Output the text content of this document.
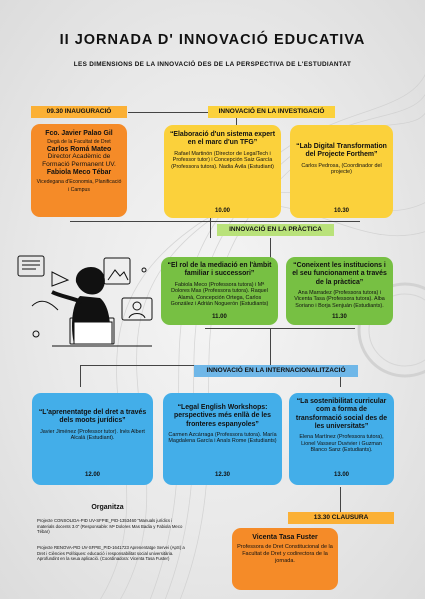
II JORNADA D' INNOVACIÓ EDUCATIVA
LES DIMENSIONS DE LA INNOVACIÓ DES DE LA PERSPECTIVA DE L'ESTUDIANTAT
09.30 INAUGURACIÓ
Fco. Javier Palao Gil
Degà de la Facultat de Dret
Carlos Romá Mateo
Director Acadèmic de Formació Permanent UV.
Fabiola Meco Tébar
Vicedegana d'Economia, Planificació i Campus
INNOVACIÓ EN LA INVESTIGACIÓ
“Elaboració d'un sistema expert en el marc d'un TFG”
Rafael Martinón (Director de LegalTech i Professor tutor) i Concepción Saiz García (Professora tutora). Nadia Ávila (Estudiant)
10.00
“Lab Digital Transformation del Projecte Forthem”
Carlos Pedrosa, (Coordinador del projecte)
10.30
INNOVACIÓ EN LA PRÀCTICA
“El rol de la mediació en l'àmbit familiar i successori”
Fabiola Meco (Professora tutora) i Mª Dolores Mas (Professora tutora). Raquel Alamà, Concepción Ortega, Carlos González i Adrián Noguerón (Estudiants)
11.00
“Coneixent les institucions i el seu funcionament a través de la pràctica”
Ana Marradez (Professora tutora) i Vicenta Tasa (Professora tutora). Alba Soriano i Borja Senjuán (Estudiants).
11.30
INNOVACIÓ EN LA INTERNACIONALITZACIÓ
“L'aprenentatge del dret a través dels moots jurídics”
Javier Jiménez (Professor tutor). Inés Albert Alcalá (Estudiant).
12.00
“Legal English Workshops: perspectives més enllà de les fronteres espanyoles”
Carmen Azcárraga (Professora tutora). María Magdalena García i Anaïs Rome (Estudiants)
12.30
“La sostenibilitat curricular com a forma de transformació social des de les universitats”
Elena Martínez (Professora tutora), Lionel Vasseur Duvivier i Guzman Blanco Sanz (Estudiants).
13.00
Organitza
Projecte CONSOLIDA-PID UV-SFPIE_PID-1353460 “Manuals jurídics i materials docents 3.0” (Responsable: Mª Dolores Mas Badia y Fabiola Meco Tébar)
Projecte RENOVA-PID UV-SFPIE_PID-1641723 Aprenentatge Servei (ApS) a Dret i Ciències Polítiques: educació i responsabilitat social universitària. Aprofundint en la seua aplicació. (Coordinadora: Vicenta Tasa Fuster)
13.30 CLAUSURA
Vicenta Tasa Fuster
Professora de Dret Constitucional de la Facultat de Dret y codirectora de la jornada.
